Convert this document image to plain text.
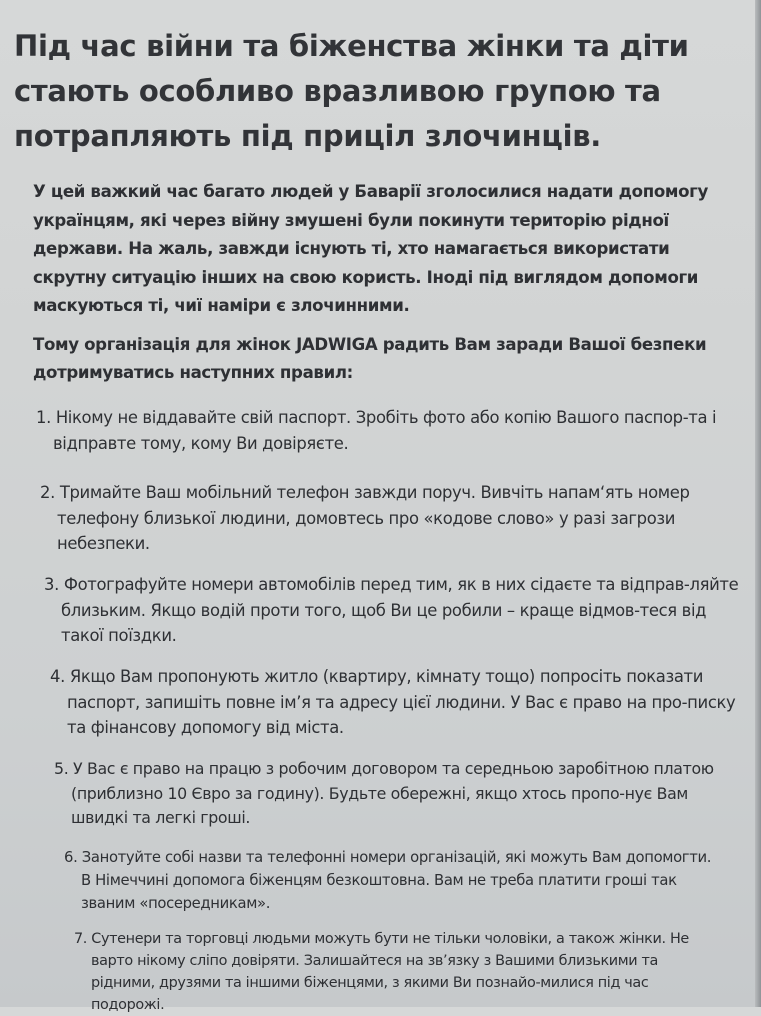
Під час війни та біженства жінки та діти стають особливо вразливою групою та потрапляють під приціл злочинців.

У цей важкий час багато людей у Баварії зголосилися надати допомогу українцям, які через війну змушені були покинути територію рідної держави. На жаль, завжди існують ті, хто намагається використати скрутну ситуацію інших на свою користь. Іноді під виглядом допомоги маскуються ті, чиї наміри є злочинними.

Тому організація для жінок JADWIGA радить Вам заради Вашої безпеки дотримуватись наступних правил:

1. Нікому не віддавайте свій паспорт. Зробіть фото або копію Вашого паспор-та і відправте тому, кому Ви довіряєте.

2. Тримайте Ваш мобільний телефон завжди поруч. Вивчіть напам‘ять номер телефону близької людини, домовтесь про «кодове слово» у разі загрози небезпеки.

3. Фотографуйте номери автомобілів перед тим, як в них сідаєте та відправ-ляйте близьким. Якщо водій проти того, щоб Ви це робили – краще відмов-теся від такої поїздки.

4. Якщо Вам пропонують житло (квартиру, кімнату тощо) попросіть показати паспорт, запишіть повне ім’я та адресу цієї людини. У Вас є право на про-писку та фінансову допомогу від міста.

5. У Вас є право на працю з робочим договором та середньою заробітною платою (приблизно 10 Євро за годину). Будьте обережні, якщо хтось пропо-нує Вам швидкі та легкі гроші.

6. Занотуйте собі назви та телефонні номери організацій, які можуть Вам допомогти. В Німеччині допомога біженцям безкоштовна. Вам не треба платити гроші так званим «посередникам».

7. Сутенери та торговці людьми можуть бути не тільки чоловіки, а також жінки. Не варто нікому сліпо довіряти. Залишайтеся на зв’язку з Вашими близькими та рідними, друзями та іншими біженцями, з якими Ви познайо-милися під час подорожі.
